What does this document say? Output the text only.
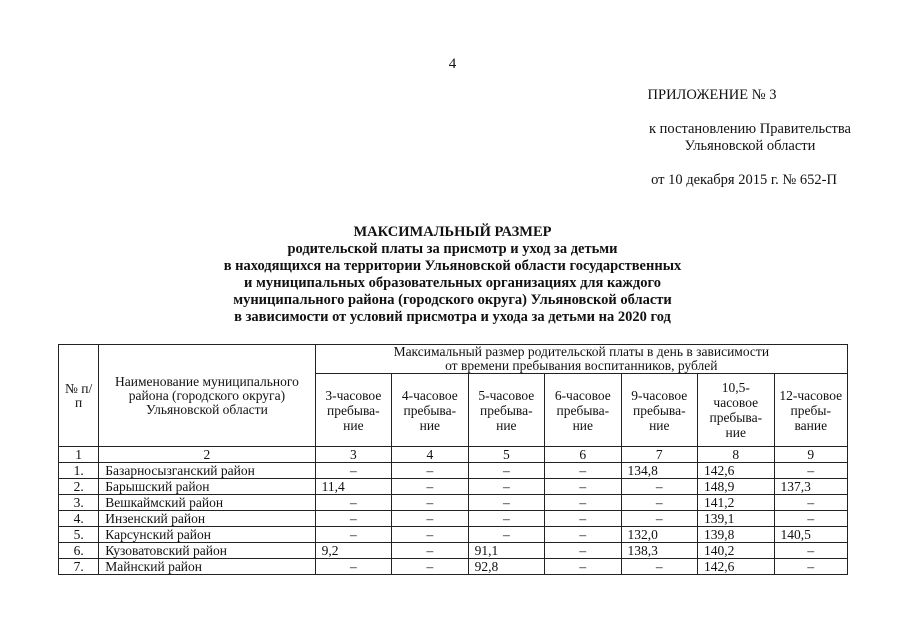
4
ПРИЛОЖЕНИЕ № 3
к постановлению Правительства
Ульяновской области
от 10 декабря 2015 г. № 652-П
МАКСИМАЛЬНЫЙ РАЗМЕР
родительской платы за присмотр и уход за детьми
в находящихся на территории Ульяновской области государственных
и муниципальных образовательных организациях для каждого
муниципального района (городского округа) Ульяновской области
в зависимости от условий присмотра и ухода за детьми на 2020 год
№ п/п	Наименование муниципального района (городского округа) Ульяновской области	Максимальный размер родительской платы в день в зависимости
от времени пребывания воспитанников, рублей						

		3-часовое пребыва-ние	4-часовое пребыва-ние	5-часовое пребыва-ние	6-часовое пребыва-ние	9-часовое пребыва-ние	10,5-часовое пребыва-ние	12-часовое пребы-вание
1	2	3	4	5	6	7	8	9
1.	Базарносызганский район	–	–	–	–	134,8	142,6	–
2.	Барышский район	11,4	–	–	–	–	148,9	137,3
3.	Вешкаймский район	–	–	–	–	–	141,2	–
4.	Инзенский район	–	–	–	–	–	139,1	–
5.	Карсунский район	–	–	–	–	132,0	139,8	140,5
6.	Кузоватовский район	9,2	–	91,1	–	138,3	140,2	–
7.	Майнский район	–	–	92,8	–	–	142,6	–
